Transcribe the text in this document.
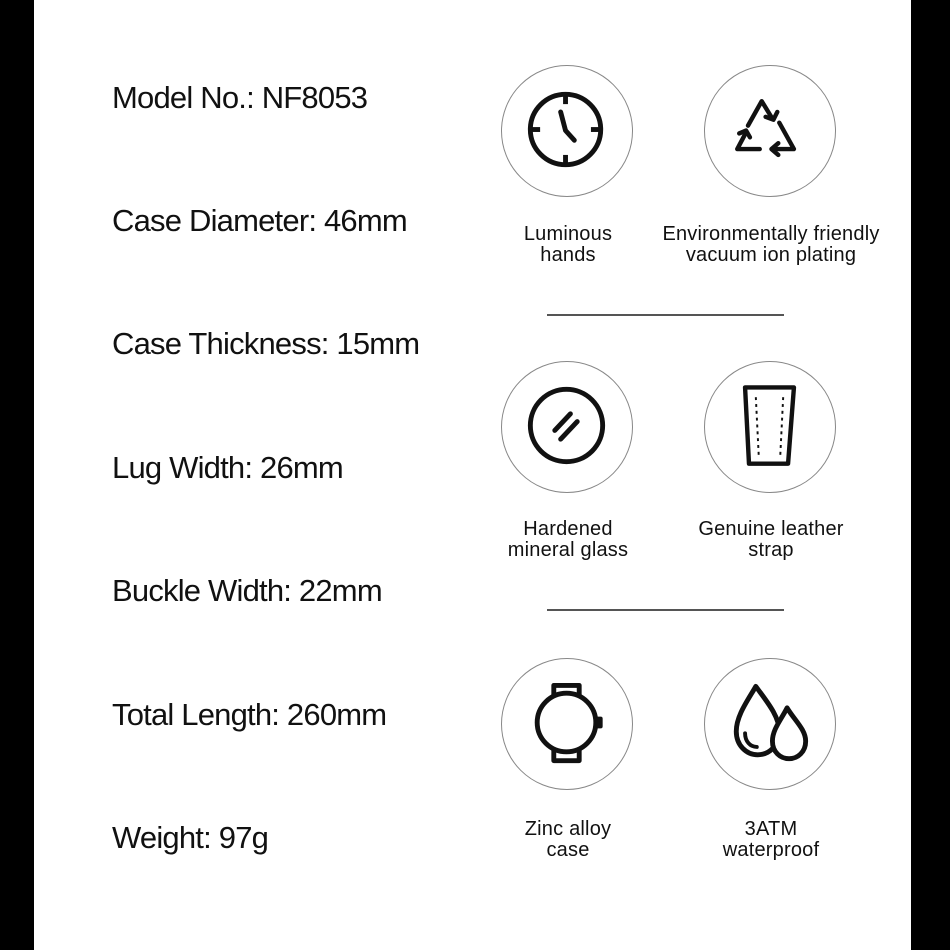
Model No.: NF8053
Case Diameter: 46mm
Case Thickness: 15mm
Lug Width: 26mm
Buckle Width: 22mm
Total Length: 260mm
Weight: 97g
Luminous
hands
Environmentally friendly
vacuum ion plating
Hardened
mineral glass
Genuine leather
strap
Zinc alloy
case
3ATM
waterproof
